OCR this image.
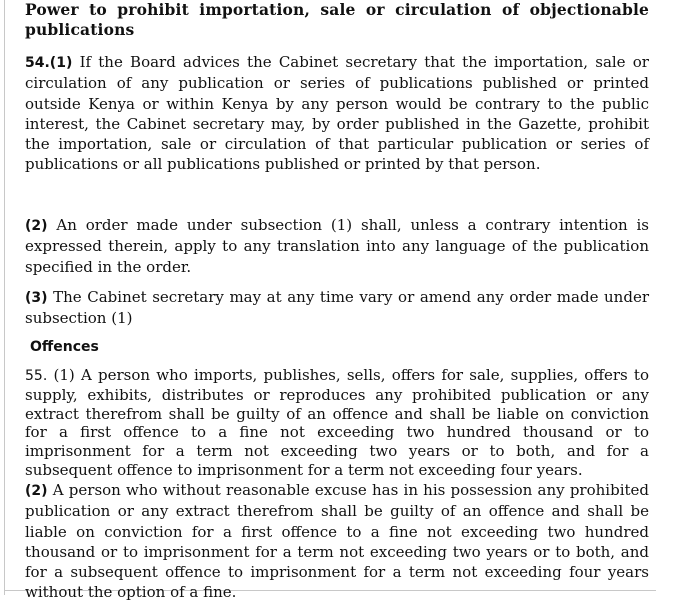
Power to prohibit importation, sale or circulation of objectionable publications

54.(1) If the Board advices the Cabinet secretary that the importation, sale or circulation of any publication or series of publications published or printed outside Kenya or within Kenya by any person would be contrary to the public interest, the Cabinet secretary may, by order published in the Gazette, prohibit the importation, sale or circulation of that particular publication or series of publications or all publications published or printed by that person.

(2) An order made under subsection (1) shall, unless a contrary intention is expressed therein, apply to any translation into any language of the publication specified in the order.

(3) The Cabinet secretary may at any time vary or amend any order made under subsection (1)

Offences

55. (1) A person who imports, publishes, sells, offers for sale, supplies, offers to supply, exhibits, distributes or reproduces any prohibited publication or any extract therefrom shall be guilty of an offence and shall be liable on conviction for a first offence to a fine not exceeding two hundred thousand or to imprisonment for a term not exceeding two years or to both, and for a subsequent offence to imprisonment for a term not exceeding four years.

(2) A person who without reasonable excuse has in his possession any prohibited publication or any extract therefrom shall be guilty of an offence and shall be liable on conviction for a first offence to a fine not exceeding two hundred thousand or to imprisonment for a term not exceeding two years or to both, and for a subsequent offence to imprisonment for a term not exceeding four years without the option of a fine.
